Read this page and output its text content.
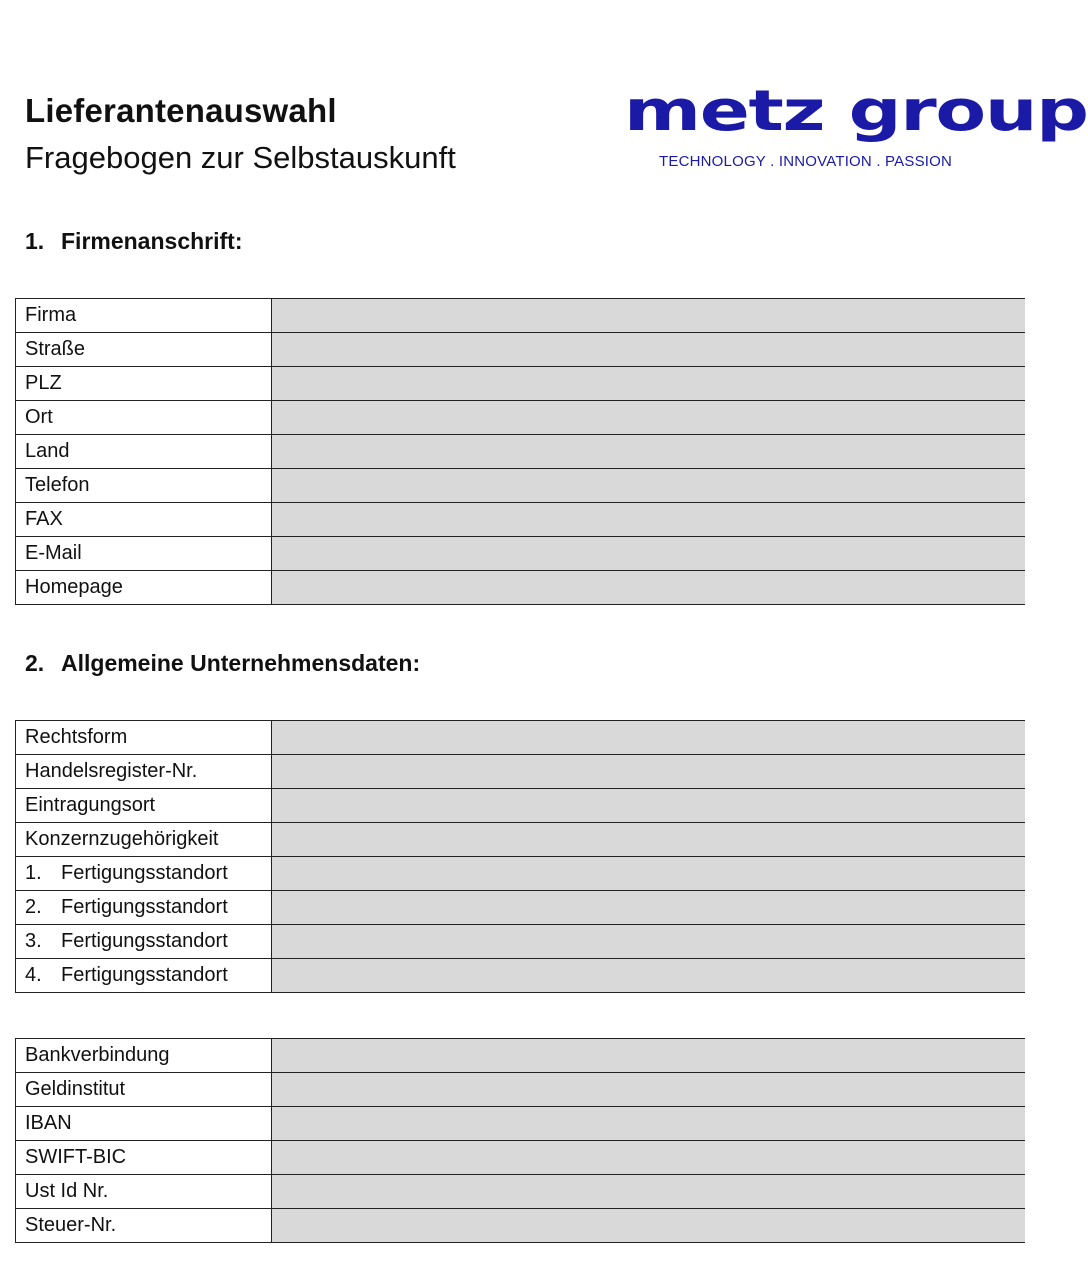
Lieferantenauswahl
Fragebogen zur Selbstauskunft
metz group
TECHNOLOGY . INNOVATION . PASSION
1. Firmenanschrift:
Firma	
Straße	
PLZ	
Ort	
Land	
Telefon	
FAX	
E-Mail	
Homepage	
2. Allgemeine Unternehmensdaten:
Rechtsform	
Handelsregister-Nr.	
Eintragungsort	
Konzernzugehörigkeit	
1. Fertigungsstandort	
2. Fertigungsstandort	
3. Fertigungsstandort	
4. Fertigungsstandort	
Bankverbindung	
Geldinstitut	
IBAN	
SWIFT-BIC	
Ust Id Nr.	
Steuer-Nr.	
